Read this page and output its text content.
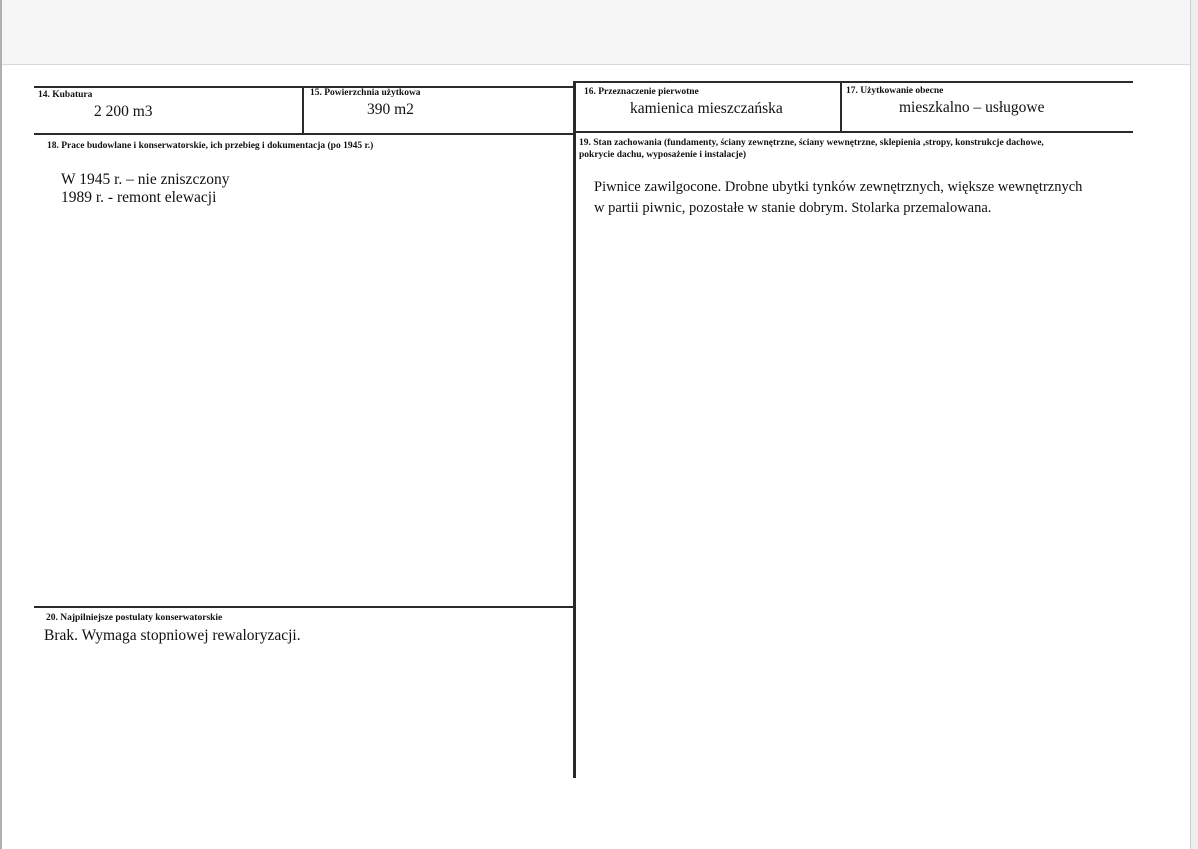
14. Kubatura
2 200 m3
15. Powierzchnia użytkowa
390 m2
16. Przeznaczenie pierwotne
kamienica mieszczańska
17. Użytkowanie obecne
mieszkalno – usługowe
18. Prace budowlane i konserwatorskie, ich przebieg i dokumentacja (po 1945 r.)
W 1945 r. – nie zniszczony
1989 r. - remont elewacji
19. Stan zachowania (fundamenty, ściany zewnętrzne, ściany wewnętrzne, sklepienia ,stropy, konstrukcje dachowe,
pokrycie dachu, wyposażenie i instalacje)
Piwnice zawilgocone. Drobne ubytki tynków zewnętrznych, większe wewnętrznych
w partii piwnic, pozostałe w stanie dobrym. Stolarka przemalowana.
20. Najpilniejsze postulaty konserwatorskie
Brak. Wymaga stopniowej rewaloryzacji.
